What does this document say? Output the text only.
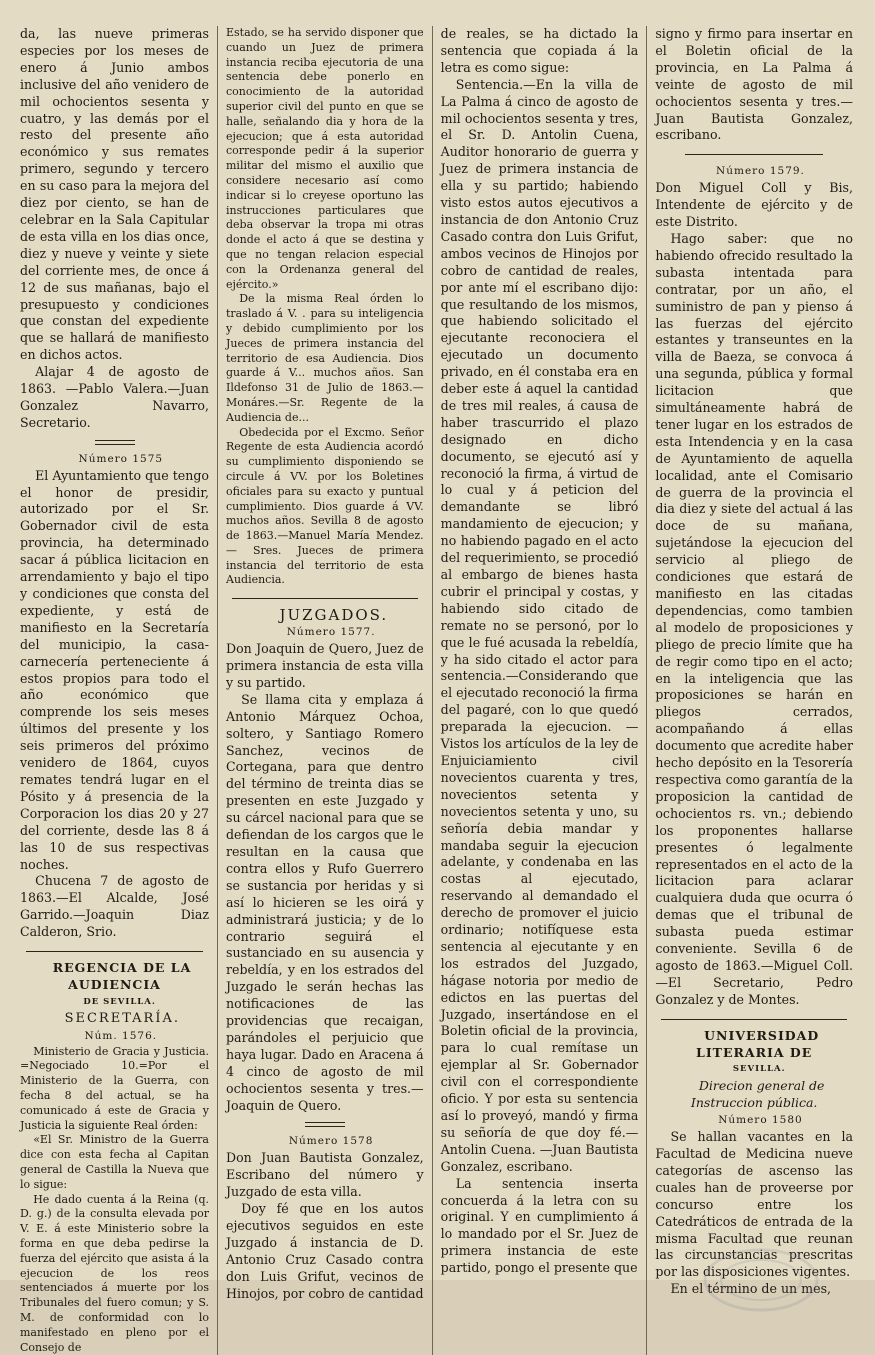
da, las nueve primeras especies por los meses de enero á Junio ambos inclusive del año venidero de mil ochocientos sesenta y cuatro, y las demás por el resto del presente año económico y sus remates primero, segundo y tercero en su caso para la mejora del diez por ciento, se han de celebrar en la Sala Capitular de esta villa en los dias once, diez y nueve y veinte y siete del corriente mes, de once á 12 de sus mañanas, bajo el presupuesto y condiciones que constan del expediente que se hallará de manifiesto en dichos actos.

Alajar 4 de agosto de 1863. —Pablo Valera.—Juan Gonzalez Navarro, Secretario.

Número 1575

El Ayuntamiento que tengo el honor de presidir, autorizado por el Sr. Gobernador civil de esta provincia, ha determinado sacar á pública licitacion en arrendamiento y bajo el tipo y condiciones que consta del expediente, y está de manifiesto en la Secretaría del municipio, la casa-carnecería perteneciente á estos propios para todo el año económico que comprende los seis meses últimos del presente y los seis primeros del próximo venidero de 1864, cuyos remates tendrá lugar en el Pósito y á presencia de la Corporacion los dias 20 y 27 del corriente, desde las 8 á las 10 de sus respectivas noches.

Chucena 7 de agosto de 1863.—El Alcalde, José Garrido.—Joaquin Diaz Calderon, Srio.

REGENCIA DE LA AUDIENCIA

DE SEVILLA.

SECRETARÍA.

Núm. 1576.

Ministerio de Gracia y Justicia. =Negociado 10.=Por el Ministerio de la Guerra, con fecha 8 del actual, se ha comunicado á este de Gracia y Justicia la siguiente Real órden:

«El Sr. Ministro de la Guerra dice con esta fecha al Capitan general de Castilla la Nueva que lo sigue:

He dado cuenta á la Reina (q. D. g.) de la consulta elevada por V. E. á este Ministerio sobre la forma en que deba pedirse la fuerza del ejército que asista á la ejecucion de los reos sentenciados á muerte por los Tribunales del fuero comun; y S. M. de conformidad con lo manifestado en pleno por el Consejo de

Estado, se ha servido disponer que cuando un Juez de primera instancia reciba ejecutoria de una sentencia debe ponerlo en conocimiento de la autoridad superior civil del punto en que se halle, señalando dia y hora de la ejecucion; que á esta autoridad corresponde pedir á la superior militar del mismo el auxilio que considere necesario así como indicar si lo creyese oportuno las instrucciones particulares que deba observar la tropa mi otras donde el acto á que se destina y que no tengan relacion especial con la Ordenanza general del ejército.»

De la misma Real órden lo traslado á V. . para su inteligencia y debido cumplimiento por los Jueces de primera instancia del territorio de esa Audiencia. Dios guarde á V... muchos años. San Ildefonso 31 de Julio de 1863.—Monáres.—Sr. Regente de la Audiencia de...

Obedecida por el Excmo. Señor Regente de esta Audiencia acordó su cumplimiento disponiendo se circule á VV. por los Boletines oficiales para su exacto y puntual cumplimiento. Dios guarde á VV. muchos años. Sevilla 8 de agosto de 1863.—Manuel María Mendez.— Sres. Jueces de primera instancia del territorio de esta Audiencia.

JUZGADOS.

Número 1577.

Don Joaquin de Quero, Juez de primera instancia de esta villa y su partido.

Se llama cita y emplaza á Antonio Márquez Ochoa, soltero, y Santiago Romero Sanchez, vecinos de Cortegana, para que dentro del término de treinta dias se presenten en este Juzgado y su cárcel nacional para que se defiendan de los cargos que le resultan en la causa que contra ellos y Rufo Guerrero se sustancia por heridas y si así lo hicieren se les oirá y administrará justicia; y de lo contrario seguirá el sustanciado en su ausencia y rebeldía, y en los estrados del Juzgado le serán hechas las notificaciones de las providencias que recaigan, parándoles el perjuicio que haya lugar. Dado en Aracena á 4 cinco de agosto de mil ochocientos sesenta y tres.—Joaquin de Quero.

Número 1578

Don Juan Bautista Gonzalez, Escribano del número y Juzgado de esta villa.

Doy fé que en los autos ejecutivos seguidos en este Juzgado á instancia de D. Antonio Cruz Casado contra don Luis Grifut, vecinos de Hinojos, por cobro de cantidad

de reales, se ha dictado la sentencia que copiada á la letra es como sigue:

Sentencia.—En la villa de La Palma á cinco de agosto de mil ochocientos sesenta y tres, el Sr. D. Antolin Cuena, Auditor honorario de guerra y Juez de primera instancia de ella y su partido; habiendo visto estos autos ejecutivos a instancia de don Antonio Cruz Casado contra don Luis Grifut, ambos vecinos de Hinojos por cobro de cantidad de reales, por ante mí el escribano dijo: que resultando de los mismos, que habiendo solicitado el ejecutante reconociera el ejecutado un documento privado, en él constaba era en deber este á aquel la cantidad de tres mil reales, á causa de haber trascurrido el plazo designado en dicho documento, se ejecutó así y reconoció la firma, á virtud de lo cual y á peticion del demandante se libró mandamiento de ejecucion; y no habiendo pagado en el acto del requerimiento, se procedió al embargo de bienes hasta cubrir el principal y costas, y habiendo sido citado de remate no se personó, por lo que le fué acusada la rebeldía, y ha sido citado el actor para sentencia.—Considerando que el ejecutado reconoció la firma del pagaré, con lo que quedó preparada la ejecucion. —Vistos los artículos de la ley de Enjuiciamiento civil novecientos cuarenta y tres, novecientos setenta y novecientos setenta y uno, su señoría debia mandar y mandaba seguir la ejecucion adelante, y condenaba en las costas al ejecutado, reservando al demandado el derecho de promover el juicio ordinario; notifíquese esta sentencia al ejecutante y en los estrados del Juzgado, hágase notoria por medio de edictos en las puertas del Juzgado, insertándose en el Boletin oficial de la provincia, para lo cual remítase un ejemplar al Sr. Gobernador civil con el correspondiente oficio. Y por esta su sentencia así lo proveyó, mandó y firma su señoría de que doy fé.—Antolin Cuena. —Juan Bautista Gonzalez, escribano.

La sentencia inserta concuerda á la letra con su original. Y en cumplimiento á lo mandado por el Sr. Juez de primera instancia de este partido, pongo el presente que

signo y firmo para insertar en el Boletin oficial de la provincia, en La Palma á veinte de agosto de mil ochocientos sesenta y tres.—Juan Bautista Gonzalez, escribano.

Número 1579.

Don Miguel Coll y Bis, Intendente de ejército y de este Distrito.

Hago saber: que no habiendo ofrecido resultado la subasta intentada para contratar, por un año, el suministro de pan y pienso á las fuerzas del ejército estantes y transeuntes en la villa de Baeza, se convoca á una segunda, pública y formal licitacion que simultáneamente habrá de tener lugar en los estrados de esta Intendencia y en la casa de Ayuntamiento de aquella localidad, ante el Comisario de guerra de la provincia el dia diez y siete del actual á las doce de su mañana, sujetándose la ejecucion del servicio al pliego de condiciones que estará de manifiesto en las citadas dependencias, como tambien al modelo de proposiciones y pliego de precio límite que ha de regir como tipo en el acto; en la inteligencia que las proposiciones se harán en pliegos cerrados, acompañando á ellas documento que acredite haber hecho depósito en la Tesorería respectiva como garantía de la proposicion la cantidad de ochocientos rs. vn.; debiendo los proponentes hallarse presentes ó legalmente representados en el acto de la licitacion para aclarar cualquiera duda que ocurra ó demas que el tribunal de subasta pueda estimar conveniente. Sevilla 6 de agosto de 1863.—Miguel Coll.—El Secretario, Pedro Gonzalez y de Montes.

UNIVERSIDAD LITERARIA DE

SEVILLA.

Direcion general de Instruccion pública.

Número 1580

Se hallan vacantes en la Facultad de Medicina nueve categorías de ascenso las cuales han de proveerse por concurso entre los Catedráticos de entrada de la misma Facultad que reunan las circunstancias prescritas por las disposiciones vigentes.

En el término de un mes,
